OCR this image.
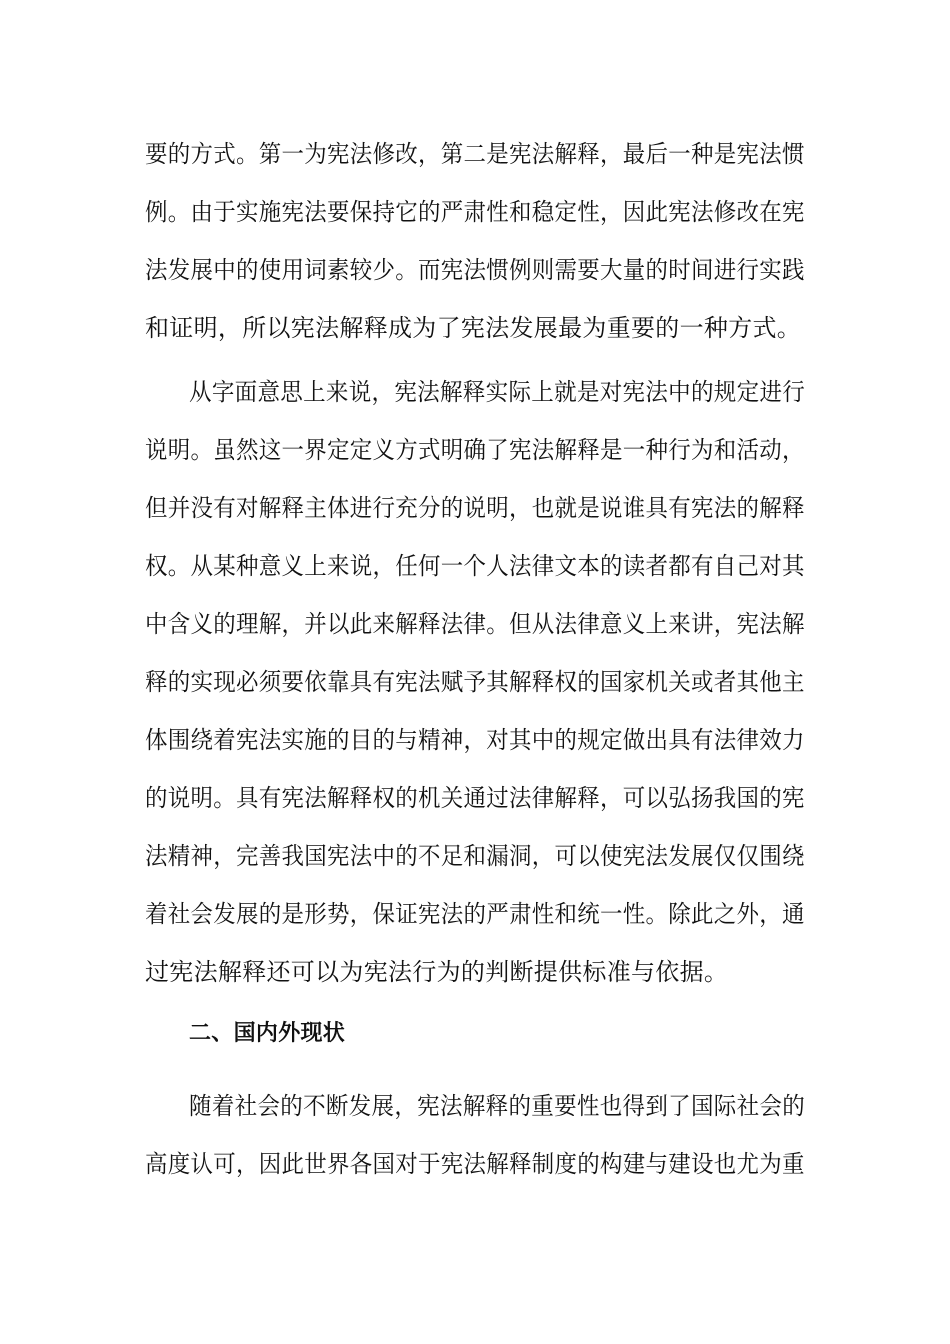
要的方式。第一为宪法修改，第二是宪法解释，最后一种是宪法惯
例。由于实施宪法要保持它的严肃性和稳定性，因此宪法修改在宪
法发展中的使用词素较少。而宪法惯例则需要大量的时间进行实践
和证明，所以宪法解释成为了宪法发展最为重要的一种方式。
从字面意思上来说，宪法解释实际上就是对宪法中的规定进行
说明。虽然这一界定定义方式明确了宪法解释是一种行为和活动，
但并没有对解释主体进行充分的说明，也就是说谁具有宪法的解释
权。从某种意义上来说，任何一个人法律文本的读者都有自己对其
中含义的理解，并以此来解释法律。但从法律意义上来讲，宪法解
释的实现必须要依靠具有宪法赋予其解释权的国家机关或者其他主
体围绕着宪法实施的目的与精神，对其中的规定做出具有法律效力
的说明。具有宪法解释权的机关通过法律解释，可以弘扬我国的宪
法精神，完善我国宪法中的不足和漏洞，可以使宪法发展仅仅围绕
着社会发展的是形势，保证宪法的严肃性和统一性。除此之外，通
过宪法解释还可以为宪法行为的判断提供标准与依据。
二、国内外现状
随着社会的不断发展，宪法解释的重要性也得到了国际社会的
高度认可，因此世界各国对于宪法解释制度的构建与建设也尤为重
